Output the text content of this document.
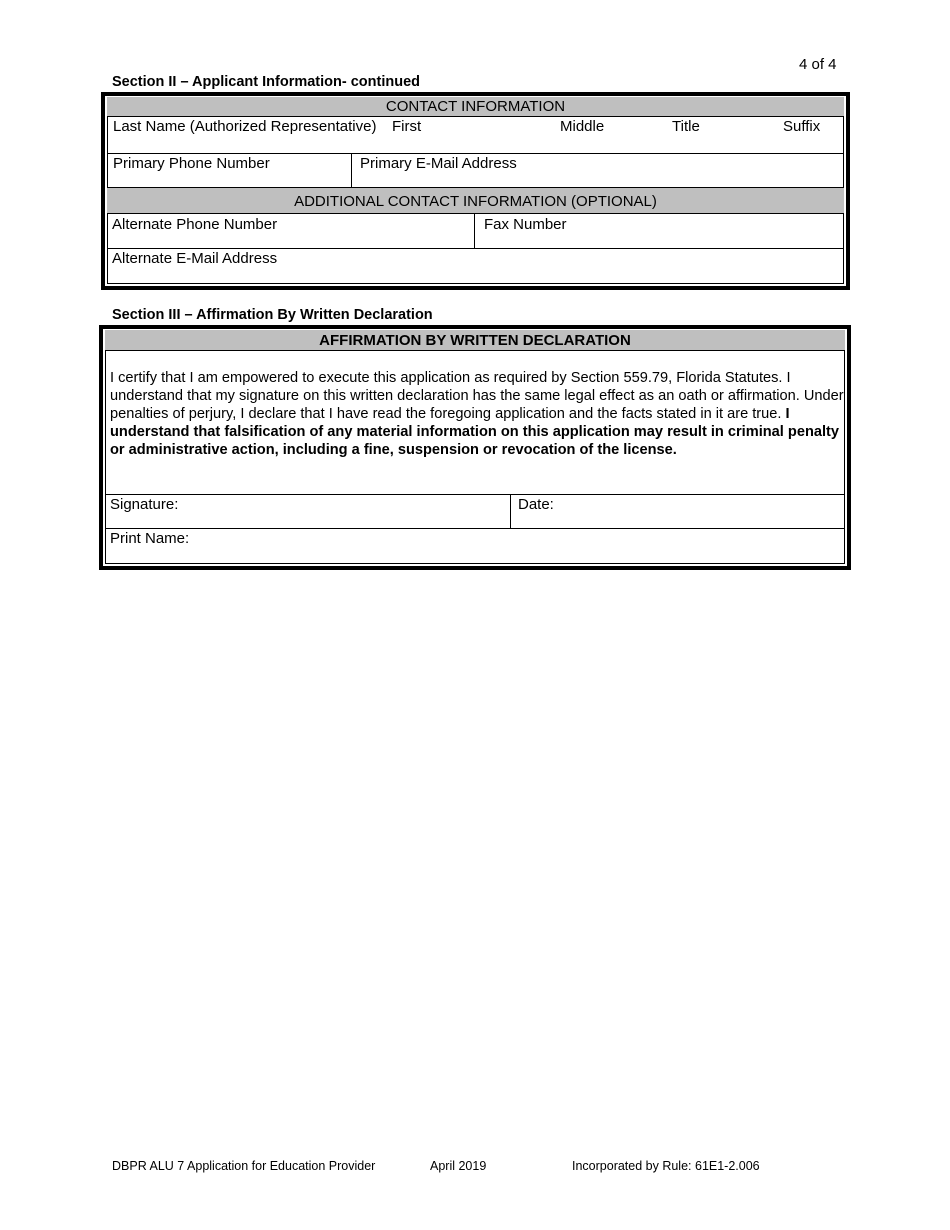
4 of 4
Section II – Applicant Information- continued
CONTACT INFORMATION
Last Name (Authorized Representative) First	Middle	Title	Suffix
Primary Phone Number	Primary E-Mail Address
ADDITIONAL CONTACT INFORMATION (OPTIONAL)
Alternate Phone Number	Fax Number
Alternate E-Mail Address
Section III – Affirmation By Written Declaration
AFFIRMATION BY WRITTEN DECLARATION
I certify that I am empowered to execute this application as required by Section 559.79, Florida Statutes. I understand that my signature on this written declaration has the same legal effect as an oath or affirmation. Under penalties of perjury, I declare that I have read the foregoing application and the facts stated in it are true. I understand that falsification of any material information on this application may result in criminal penalty or administrative action, including a fine, suspension or revocation of the license.
Signature:	Date:
Print Name:
DBPR ALU 7 Application for Education Provider	April 2019	Incorporated by Rule: 61E1-2.006
